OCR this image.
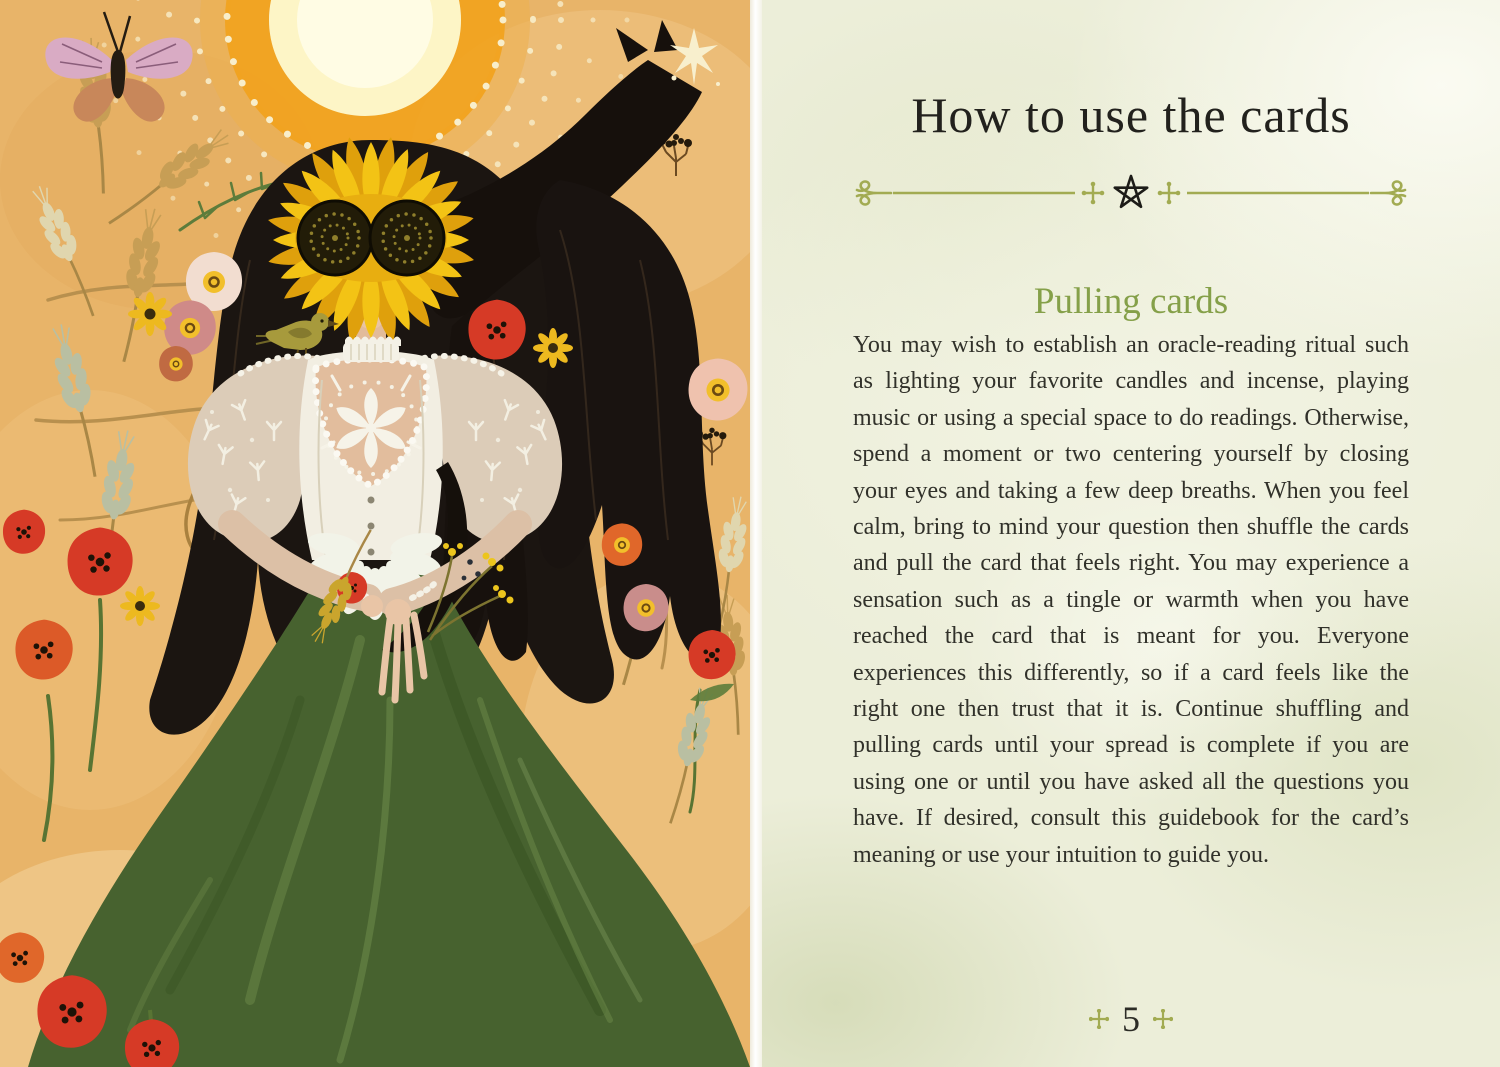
How to use the cards
Pulling cards

You may wish to establish an oracle-reading ritual such as lighting your favorite candles and incense, playing music or using a special space to do readings. Otherwise, spend a moment or two centering yourself by closing your eyes and taking a few deep breaths. When you feel calm, bring to mind your question then shuffle the cards and pull the card that feels right. You may experience a sensation such as a tingle or warmth when you have reached the card that is meant for you. Everyone experiences this differently, so if a card feels like the right one then trust that it is. Continue shuffling and pulling cards until your spread is complete if you are using one or until you have asked all the questions you have. If desired, consult this guidebook for the card’s meaning or use your intuition to guide you.

5
